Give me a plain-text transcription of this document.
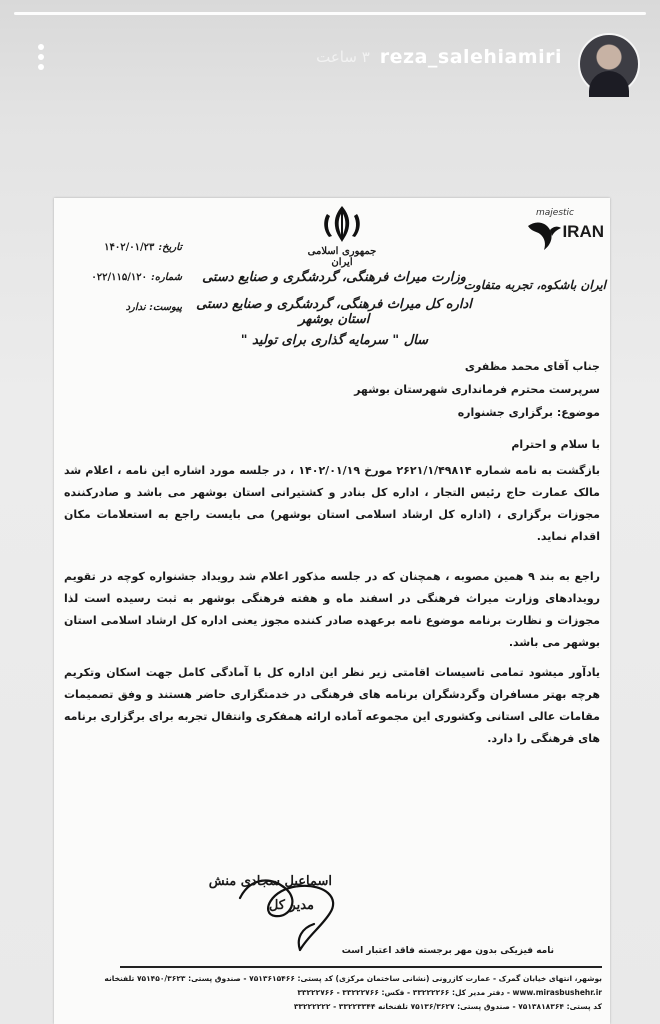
۳ ساعت reza_salehiamiri
جمهوری اسلامی ایران
majestic
IRAN
ایران باشکوه، تجربه متفاوت
وزارت میراث فرهنگی، گردشگری و صنایع دستی
اداره کل میراث فرهنگی، گردشگری و صنایع دستی استان بوشهر
سال " سرمایه گذاری برای تولید "
تاریخ:۱۴۰۲/۰۱/۲۳
شماره:۰۲۲/۱۱۵/۱۲۰
پیوست: ندارد
جناب آقای محمد مظفری
سرپرست محترم فرمانداری شهرستان بوشهر
موضوع: برگزاری جشنواره
با سلام و احترام
بازگشت به نامه شماره ۲۶۲۱/۱/۴۹۸۱۴ مورخ ۱۴۰۲/۰۱/۱۹ ، در جلسه مورد اشاره این نامه ، اعلام شد مالک عمارت حاج رئیس التجار ، اداره کل بنادر و کشتیرانی استان بوشهر می باشد و صادرکننده مجوزات برگزاری ، (اداره کل ارشاد اسلامی استان بوشهر) می بایست راجع به استعلامات مکان اقدام نماید.
راجع به بند ۹ همین مصوبه ، همچنان که در جلسه مذکور اعلام شد رویداد جشنواره کوچه در تقویم رویدادهای وزارت میراث فرهنگی در اسفند ماه و هفته فرهنگی بوشهر به ثبت رسیده است لذا مجوزات و نظارت برنامه موضوع نامه برعهده صادر کننده مجوز یعنی اداره کل ارشاد اسلامی استان بوشهر می باشد.
یادآور میشود تمامی تاسیسات اقامتی زیر نظر این اداره کل با آمادگی کامل جهت اسکان وتکریم هرچه بهتر مسافران وگردشگران برنامه های فرهنگی در خدمتگزاری حاضر هستند و وفق تصمیمات مقامات عالی استانی وکشوری این مجموعه آماده ارائه همفکری وانتقال تجربه برای برگزاری برنامه های فرهنگی را دارد.
اسماعیل سجادی منش
مدیر کل
نامه فیزیکی بدون مهر برجسته فاقد اعتبار است
بوشهر، انتهای خیابان گمرک - عمارت کازرونی (نشانی ساختمان مرکزی) کد پستی: ۷۵۱۳۶۱۵۴۶۶ - صندوق پستی: ۷۵۱۴۵۰/۳۶۲۳ تلفنخانه
www.mirasbushehr.ir - دفتر مدیر کل: ۳۳۲۲۲۲۶۶ - فکس: ۳۳۲۲۲۷۶۶ - ۳۳۲۲۲۷۶۶
کد پستی: ۷۵۱۳۸۱۸۳۶۴ - صندوق پستی: ۷۵۱۳۶/۳۶۲۷ تلفنخانه ۳۳۲۲۳۳۴۴ - ۳۳۲۲۲۲۲۲
